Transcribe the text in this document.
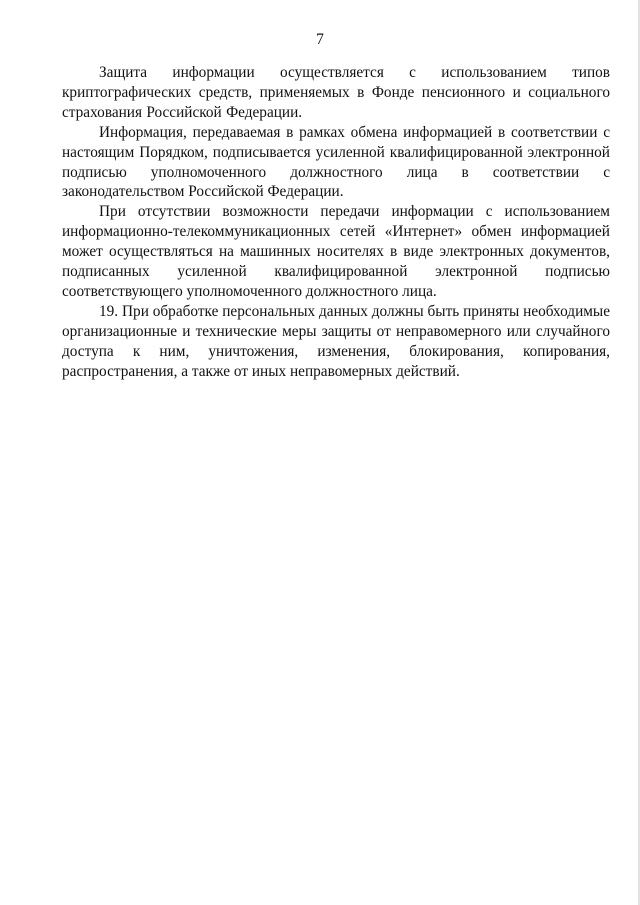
7

Защита информации осуществляется с использованием типов криптографических средств, применяемых в Фонде пенсионного и социального страхования Российской Федерации.

Информация, передаваемая в рамках обмена информацией в соответствии с настоящим Порядком, подписывается усиленной квалифицированной электронной подписью уполномоченного должностного лица в соответствии с законодательством Российской Федерации.

При отсутствии возможности передачи информации с использованием информационно-телекоммуникационных сетей «Интернет» обмен информацией может осуществляться на машинных носителях в виде электронных документов, подписанных усиленной квалифицированной электронной подписью соответствующего уполномоченного должностного лица.

19. При обработке персональных данных должны быть приняты необходимые организационные и технические меры защиты от неправомерного или случайного доступа к ним, уничтожения, изменения, блокирования, копирования, распространения, а также от иных неправомерных действий.
